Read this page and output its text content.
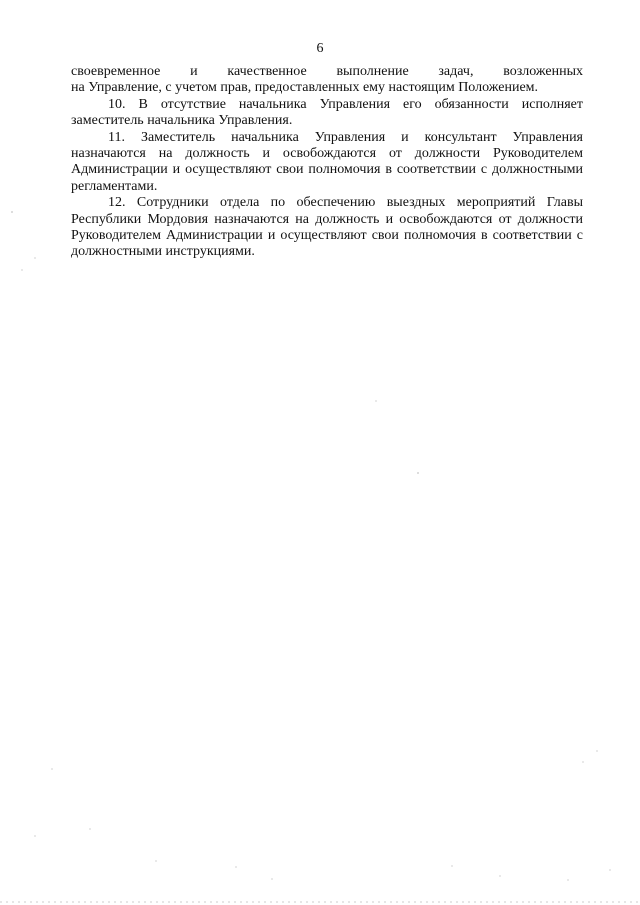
6
своевременное и качественное выполнение задач, возложенных
на Управление, с учетом прав, предоставленных ему настоящим Положением.

10. В отсутствие начальника Управления его обязанности исполняет заместитель начальника Управления.

11. Заместитель начальника Управления и консультант Управления назначаются на должность и освобождаются от должности Руководителем Администрации и осуществляют свои полномочия в соответствии с должностными регламентами.

12. Сотрудники отдела по обеспечению выездных мероприятий Главы Республики Мордовия назначаются на должность и освобождаются от должности Руководителем Администрации и осуществляют свои полномочия в соответствии с должностными инструкциями.
